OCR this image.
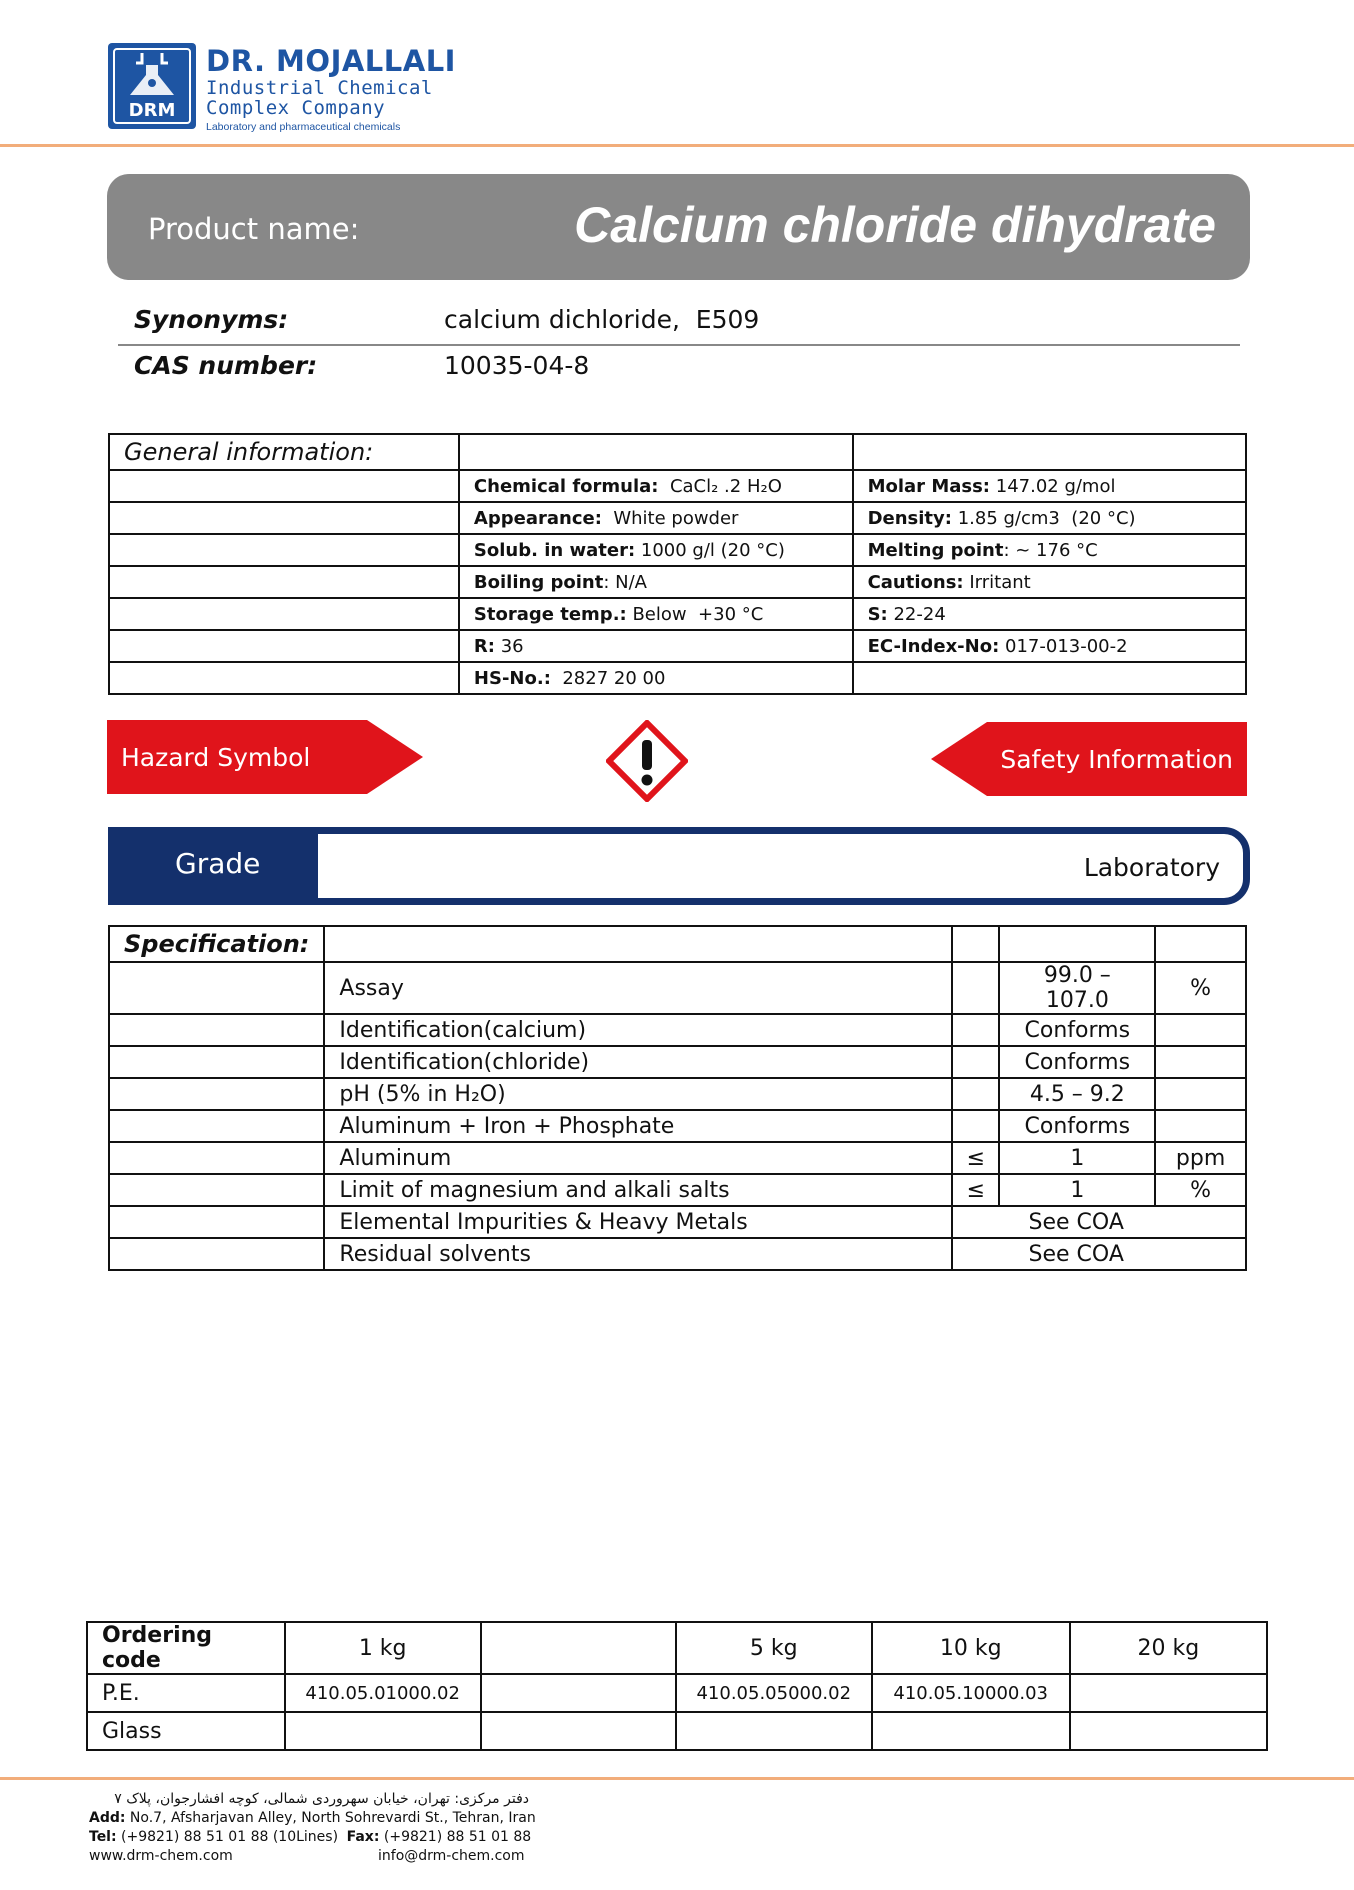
DRM
DR. MOJALLALI
Industrial Chemical
Complex Company
Laboratory and pharmaceutical chemicals
Product name:	Calcium chloride dihydrate
Synonyms:	calcium dichloride,  E509
CAS number:	10035-04-8
General information:		
	Chemical formula:  CaCl₂ .2 H₂O	Molar Mass: 147.02 g/mol
	Appearance:  White powder	Density: 1.85 g/cm3  (20 °C)
	Solub. in water: 1000 g/l (20 °C)	Melting point: ~ 176 °C
	Boiling point: N/A	Cautions: Irritant
	Storage temp.: Below  +30 °C	S: 22-24
	R: 36	EC-Index-No: 017-013-00-2
	HS-No.:  2827 20 00	
Hazard Symbol	Safety Information
Grade	Laboratory
Specification:				
	Assay		99.0 – 107.0	%
	Identification(calcium)		Conforms	
	Identification(chloride)		Conforms	
	pH (5% in H₂O)		4.5 – 9.2	
	Aluminum + Iron + Phosphate		Conforms	
	Aluminum	≤	1	ppm
	Limit of magnesium and alkali salts	≤	1	%
	Elemental Impurities & Heavy Metals	See COA		
	Residual solvents	See COA		
Ordering code	1 kg		5 kg	10 kg	20 kg
P.E.	410.05.01000.02		410.05.05000.02	410.05.10000.03	
Glass					
دفتر مرکزی: تهران، خیابان سهروردی شمالی، کوچه افشارجوان، پلاک ۷
Add: No.7, Afsharjavan Alley, North Sohrevardi St., Tehran, Iran
Tel: (+9821) 88 51 01 88 (10Lines) Fax: (+9821) 88 51 01 88
www.drm-chem.com	info@drm-chem.com
